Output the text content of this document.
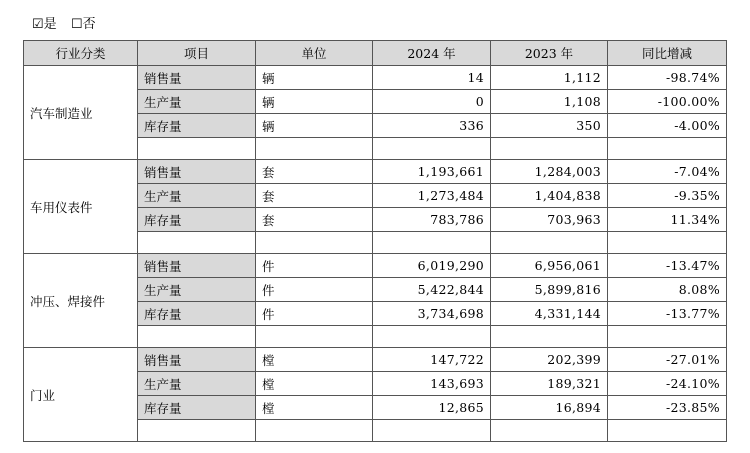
☑是 ☐否
行业分类	项目	单位	2024 年	2023 年	同比增减
汽车制造业	销售量	辆	14	1,112	-98.74%
	生产量	辆	0	1,108	-100.00%
	库存量	辆	336	350	-4.00%

车用仪表件	销售量	套	1,193,661	1,284,003	-7.04%
	生产量	套	1,273,484	1,404,838	-9.35%
	库存量	套	783,786	703,963	11.34%

冲压、焊接件	销售量	件	6,019,290	6,956,061	-13.47%
	生产量	件	5,422,844	5,899,816	8.08%
	库存量	件	3,734,698	4,331,144	-13.77%

门业	销售量	樘	147,722	202,399	-27.01%
	生产量	樘	143,693	189,321	-24.10%
	库存量	樘	12,865	16,894	-23.85%
